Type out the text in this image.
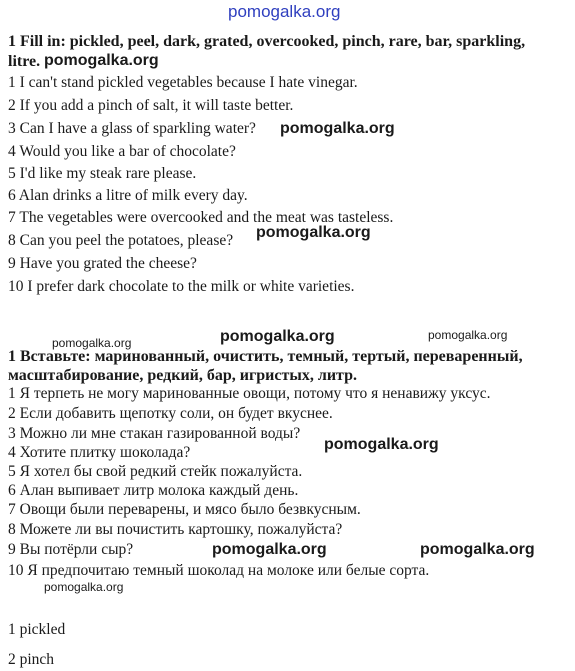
pomogalka.org
1 Fill in: pickled, peel, dark, grated, overcooked, pinch, rare, bar, sparkling,
litre. pomogalka.org
1 I can't stand pickled vegetables because I hate vinegar.
2 If you add a pinch of salt, it will taste better.
3 Can I have a glass of sparkling water? pomogalka.org
4 Would you like a bar of chocolate?
5 I'd like my steak rare please.
6 Alan drinks a litre of milk every day.
7 The vegetables were overcooked and the meat was tasteless.
8 Can you peel the potatoes, please? pomogalka.org
9 Have you grated the cheese?
10 I prefer dark chocolate to the milk or white varieties.
pomogalka.org	pomogalka.org	pomogalka.org
1 Вставьте: маринованный, очистить, темный, тертый, переваренный,
масштабирование, редкий, бар, игристых, литр.
1 Я терпеть не могу маринованные овощи, потому что я ненавижу уксус.
2 Если добавить щепотку соли, он будет вкуснее.
3 Можно ли мне стакан газированной воды?
pomogalka.org
4 Хотите плитку шоколада?
5 Я хотел бы свой редкий стейк пожалуйста.
6 Алан выпивает литр молока каждый день.
7 Овощи были переварены, и мясо было безвкусным.
8 Можете ли вы почистить картошку, пожалуйста?
9 Вы потёрли сыр?	pomogalka.org	pomogalka.org
10 Я предпочитаю темный шоколад на молоке или белые сорта.
pomogalka.org
1 pickled
2 pinch
